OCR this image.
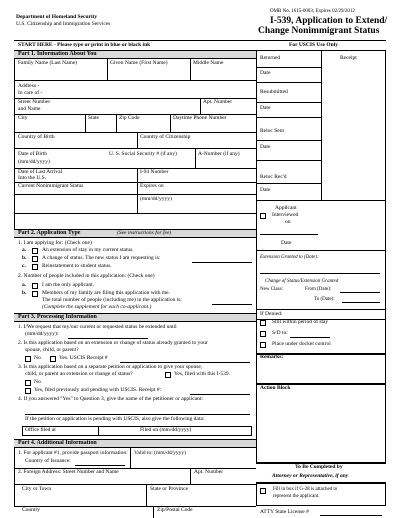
Department of Homeland Security
U.S. Citizenship and Immigration Services
OMB No. 1615-0003; Expires 02/29/2012
I-539, Application to Extend/
Change Nonimmigrant Status
START HERE - Please type or print in blue or black ink	For USCIS Use Only
Part 1. Information About You
Family Name (Last Name)	Given Name (First Name)	Middle Name
Address -
In care of -
Street Number
and Name
Apt. Number
City	State	Zip Code	Daytime Phone Number
Country of Birth	Country of Citizenship
Date of Birth
(mm/dd/yyyy)
U. S. Social Security # (if any)	A-Number (if any)
Date of Last Arrival
Into the U.S.
I-94 Number
Current Nonimmigrant Status	Expires on
(mm/dd/yyyy)
Part 2. Application Type	(See instructions for fee)
1. I am applying for: (Check one)
a.	An extension of stay in my current status.
b.	A change of status. The new status I am requesting is:
c.	Reinstatement to student status.
2. Number of people included in this application: (Check one)
a.	I am the only applicant.
b.	Members of my family are filing this application with me.
The total number of people (including me) in the application is:
(Complete the supplement for each co-applicant.)
Part 3. Processing Information
1. I/We request that my/our current or requested status be extended until
(mm/dd/yyyy):
2. Is this application based on an extension or change of status already granted to your
spouse, child, or parent?
No	Yes. USCIS Receipt #
3. Is this application based on a separate petition or application to give your spouse,
child, or parent an extension or change of status?	Yes, filed with this I-539.
No
Yes, filed previously and pending with USCIS. Receipt #:
4. If you answered "Yes" to Question 3, give the name of the petitioner or applicant:
If the petition or application is pending with USCIS, also give the following data:
Office filed at	Filed on (mm/dd/yyyy)
Part 4. Additional Information
1. For applicant #1, provide passport information:
Country of Issuance:
Valid to: (mm/dd/yyyy)
2. Foreign Address: Street Number and Name	Apt. Number
City or Town	State or Province
Country	Zip/Postal Code
Returned	Receipt
Date
Resubmitted
Date
Reloc Sent
Date
Reloc Rec'd
Date
Applicant
Interviewed
on
Date
Extension Granted to (Date):
Change of Status/Extension Granted
New Class:	From (Date):
To (Date):
If Denied:
Still within period of stay
S/D to:
Place under docket control
Remarks:
Action Block
To Be Completed by
Attorney or Representative, if any
Fill in box if G-28 is attached to
represent the applicant.
ATTY State License #
